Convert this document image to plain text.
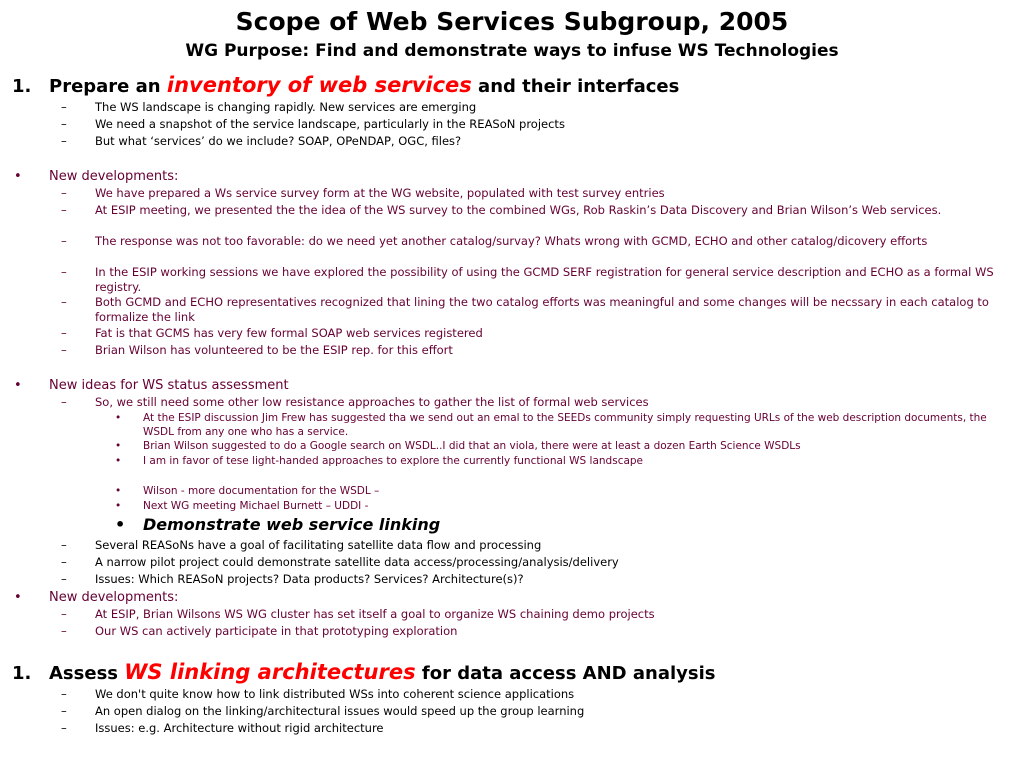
Scope of Web Services Subgroup, 2005
WG Purpose: Find and demonstrate ways to infuse WS Technologies
1. Prepare an inventory of web services and their interfaces
– The WS landscape is changing rapidly. New services are emerging
– We need a snapshot of the service landscape, particularly in the REASoN projects
– But what ‘services’ do we include? SOAP, OPeNDAP, OGC, files?
• New developments:
– We have prepared a Ws service survey form at the WG website, populated with test survey entries
– At ESIP meeting, we presented the the idea of the WS survey to the combined WGs, Rob Raskin’s Data Discovery and Brian Wilson’s Web services.
– The response was not too favorable: do we need yet another catalog/survay? Whats wrong with GCMD, ECHO and other catalog/dicovery efforts
– In the ESIP working sessions we have explored the possibility of using the GCMD SERF registration for general service description and ECHO as a formal WS registry.
– Both GCMD and ECHO representatives recognized that lining the two catalog efforts was meaningful and some changes will be necssary in each catalog to formalize the link
– Fat is that GCMS has very few formal SOAP web services registered
– Brian Wilson has volunteered to be the ESIP rep. for this effort
• New ideas for WS status assessment
– So, we still need some other low resistance approaches to gather the list of formal web services
• At the ESIP discussion Jim Frew has suggested tha we send out an emal to the SEEDs community simply requesting URLs of the web description documents, the WSDL from any one who has a service.
• Brian Wilson suggested to do a Google search on WSDL..I did that an viola, there were at least a dozen Earth Science WSDLs
• I am in favor of tese light-handed approaches to explore the currently functional WS landscape
• Wilson - more documentation for the WSDL –
• Next WG meeting Michael Burnett – UDDI -
• Demonstrate web service linking
– Several REASoNs have a goal of facilitating satellite data flow and processing
– A narrow pilot project could demonstrate satellite data access/processing/analysis/delivery
– Issues: Which REASoN projects? Data products? Services? Architecture(s)?
• New developments:
– At ESIP, Brian Wilsons WS WG cluster has set itself a goal to organize WS chaining demo projects
– Our WS can actively participate in that prototyping exploration
1. Assess WS linking architectures for data access AND analysis
– We don't quite know how to link distributed WSs into coherent science applications
– An open dialog on the linking/architectural issues would speed up the group learning
– Issues: e.g. Architecture without rigid architecture
